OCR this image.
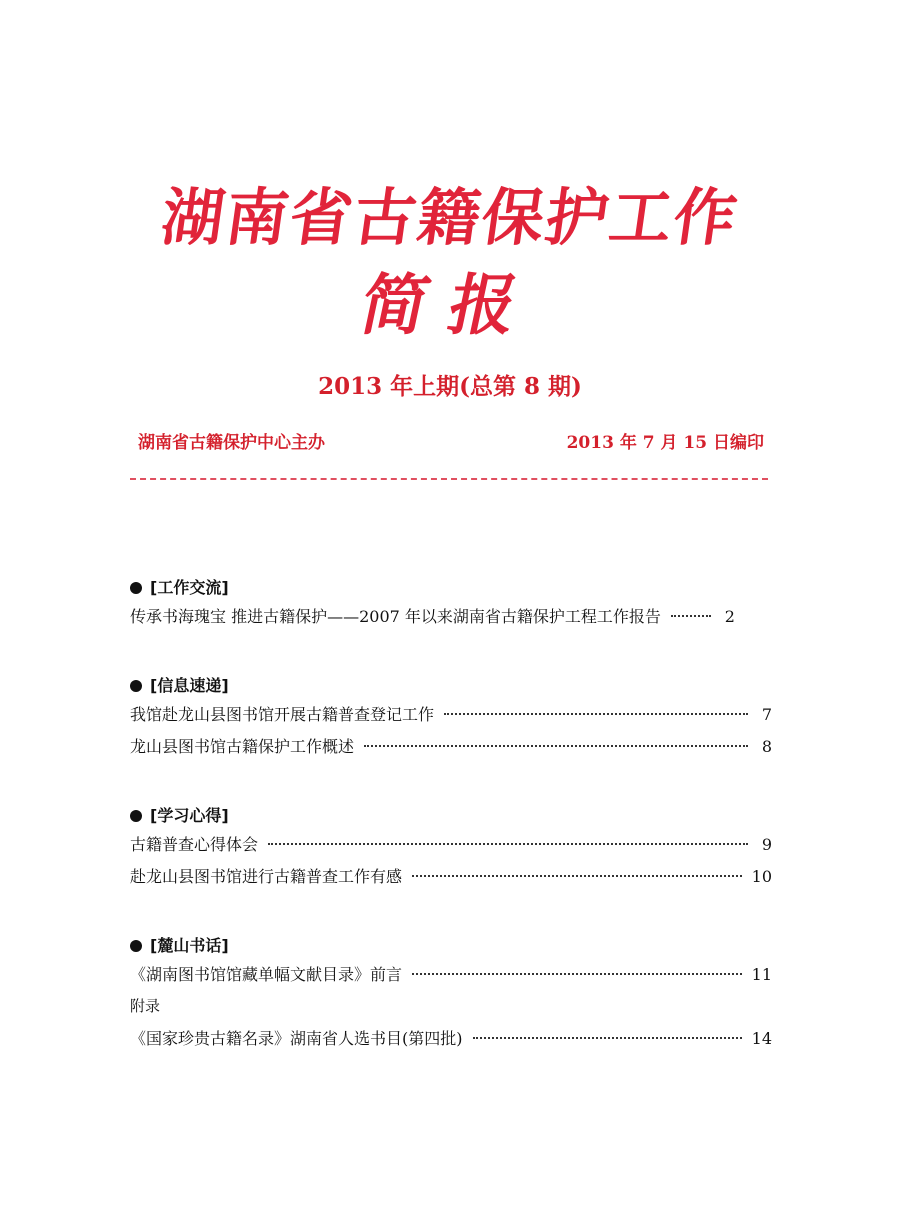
湖南省古籍保护工作
简报
2013 年上期(总第 8 期)
湖南省古籍保护中心主办	2013 年 7 月 15 日编印
[工作交流]
传承书海瑰宝 推进古籍保护——2007 年以来湖南省古籍保护工程工作报告	2
[信息速递]
我馆赴龙山县图书馆开展古籍普查登记工作	7
龙山县图书馆古籍保护工作概述	8
[学习心得]
古籍普查心得体会	9
赴龙山县图书馆进行古籍普查工作有感	10
[麓山书话]
《湖南图书馆馆藏单幅文献目录》前言	11
附录
《国家珍贵古籍名录》湖南省人选书目(第四批)	14
